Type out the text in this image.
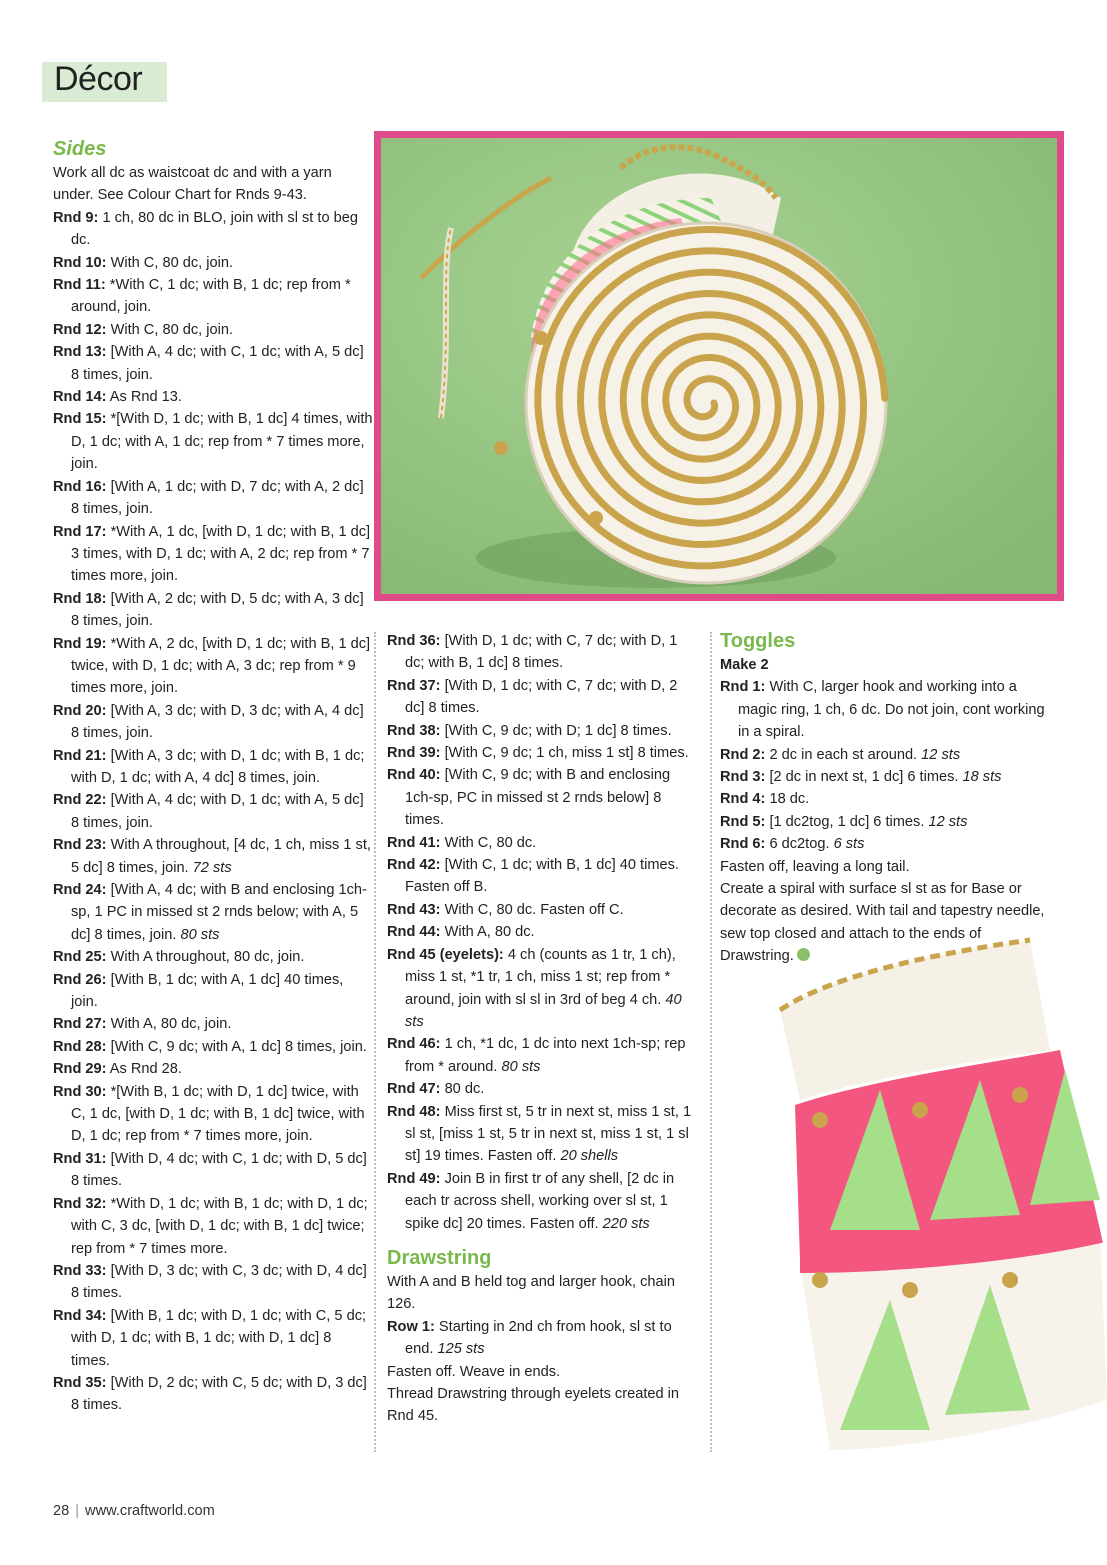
Décor
Sides

Work all dc as waistcoat dc and with a yarn under. See Colour Chart for Rnds 9-43.

Rnd 9: 1 ch, 80 dc in BLO, join with sl st to beg dc.

Rnd 10: With C, 80 dc, join.

Rnd 11: *With C, 1 dc; with B, 1 dc; rep from * around, join.

Rnd 12: With C, 80 dc, join.

Rnd 13: [With A, 4 dc; with C, 1 dc; with A, 5 dc] 8 times, join.

Rnd 14: As Rnd 13.

Rnd 15: *[With D, 1 dc; with B, 1 dc] 4 times, with D, 1 dc; with A, 1 dc; rep from * 7 times more, join.

Rnd 16: [With A, 1 dc; with D, 7 dc; with A, 2 dc] 8 times, join.

Rnd 17: *With A, 1 dc, [with D, 1 dc; with B, 1 dc] 3 times, with D, 1 dc; with A, 2 dc; rep from * 7 times more, join.

Rnd 18: [With A, 2 dc; with D, 5 dc; with A, 3 dc] 8 times, join.

Rnd 19: *With A, 2 dc, [with D, 1 dc; with B, 1 dc] twice, with D, 1 dc; with A, 3 dc; rep from * 9 times more, join.

Rnd 20: [With A, 3 dc; with D, 3 dc; with A, 4 dc] 8 times, join.

Rnd 21: [With A, 3 dc; with D, 1 dc; with B, 1 dc; with D, 1 dc; with A, 4 dc] 8 times, join.

Rnd 22: [With A, 4 dc; with D, 1 dc; with A, 5 dc] 8 times, join.

Rnd 23: With A throughout, [4 dc, 1 ch, miss 1 st, 5 dc] 8 times, join. 72 sts

Rnd 24: [With A, 4 dc; with B and enclosing 1ch-sp, 1 PC in missed st 2 rnds below; with A, 5 dc] 8 times, join. 80 sts

Rnd 25: With A throughout, 80 dc, join.

Rnd 26: [With B, 1 dc; with A, 1 dc] 40 times, join.

Rnd 27: With A, 80 dc, join.

Rnd 28: [With C, 9 dc; with A, 1 dc] 8 times, join.

Rnd 29: As Rnd 28.

Rnd 30: *[With B, 1 dc; with D, 1 dc] twice, with C, 1 dc, [with D, 1 dc; with B, 1 dc] twice, with D, 1 dc; rep from * 7 times more, join.

Rnd 31: [With D, 4 dc; with C, 1 dc; with D, 5 dc] 8 times.

Rnd 32: *With D, 1 dc; with B, 1 dc; with D, 1 dc; with C, 3 dc, [with D, 1 dc; with B, 1 dc] twice; rep from * 7 times more.

Rnd 33: [With D, 3 dc; with C, 3 dc; with D, 4 dc] 8 times.

Rnd 34: [With B, 1 dc; with D, 1 dc; with C, 5 dc; with D, 1 dc; with B, 1 dc; with D, 1 dc] 8 times.

Rnd 35: [With D, 2 dc; with C, 5 dc; with D, 3 dc] 8 times.

Rnd 36: [With D, 1 dc; with C, 7 dc; with D, 1 dc; with B, 1 dc] 8 times.

Rnd 37: [With D, 1 dc; with C, 7 dc; with D, 2 dc] 8 times.

Rnd 38: [With C, 9 dc; with D; 1 dc] 8 times.

Rnd 39: [With C, 9 dc; 1 ch, miss 1 st] 8 times.

Rnd 40: [With C, 9 dc; with B and enclosing 1ch-sp, PC in missed st 2 rnds below] 8 times.

Rnd 41: With C, 80 dc.

Rnd 42: [With C, 1 dc; with B, 1 dc] 40 times. Fasten off B.

Rnd 43: With C, 80 dc. Fasten off C.

Rnd 44: With A, 80 dc.

Rnd 45 (eyelets): 4 ch (counts as 1 tr, 1 ch), miss 1 st, *1 tr, 1 ch, miss 1 st; rep from * around, join with sl sl in 3rd of beg 4 ch. 40 sts

Rnd 46: 1 ch, *1 dc, 1 dc into next 1ch-sp; rep from * around. 80 sts

Rnd 47: 80 dc.

Rnd 48: Miss first st, 5 tr in next st, miss 1 st, 1 sl st, [miss 1 st, 5 tr in next st, miss 1 st, 1 sl st] 19 times. Fasten off. 20 shells

Rnd 49: Join B in first tr of any shell, [2 dc in each tr across shell, working over sl st, 1 spike dc] 20 times. Fasten off. 220 sts

Drawstring

With A and B held tog and larger hook, chain 126.

Row 1: Starting in 2nd ch from hook, sl st to end. 125 sts

Fasten off. Weave in ends.

Thread Drawstring through eyelets created in Rnd 45.

Toggles
Make 2

Rnd 1: With C, larger hook and working into a magic ring, 1 ch, 6 dc. Do not join, cont working in a spiral.

Rnd 2: 2 dc in each st around. 12 sts

Rnd 3: [2 dc in next st, 1 dc] 6 times. 18 sts

Rnd 4: 18 dc.

Rnd 5: [1 dc2tog, 1 dc] 6 times. 12 sts

Rnd 6: 6 dc2tog. 6 sts

Fasten off, leaving a long tail.

Create a spiral with surface sl st as for Base or decorate as desired. With tail and tapestry needle, sew top closed and attach to the ends of Drawstring.

28 | www.craftworld.com
